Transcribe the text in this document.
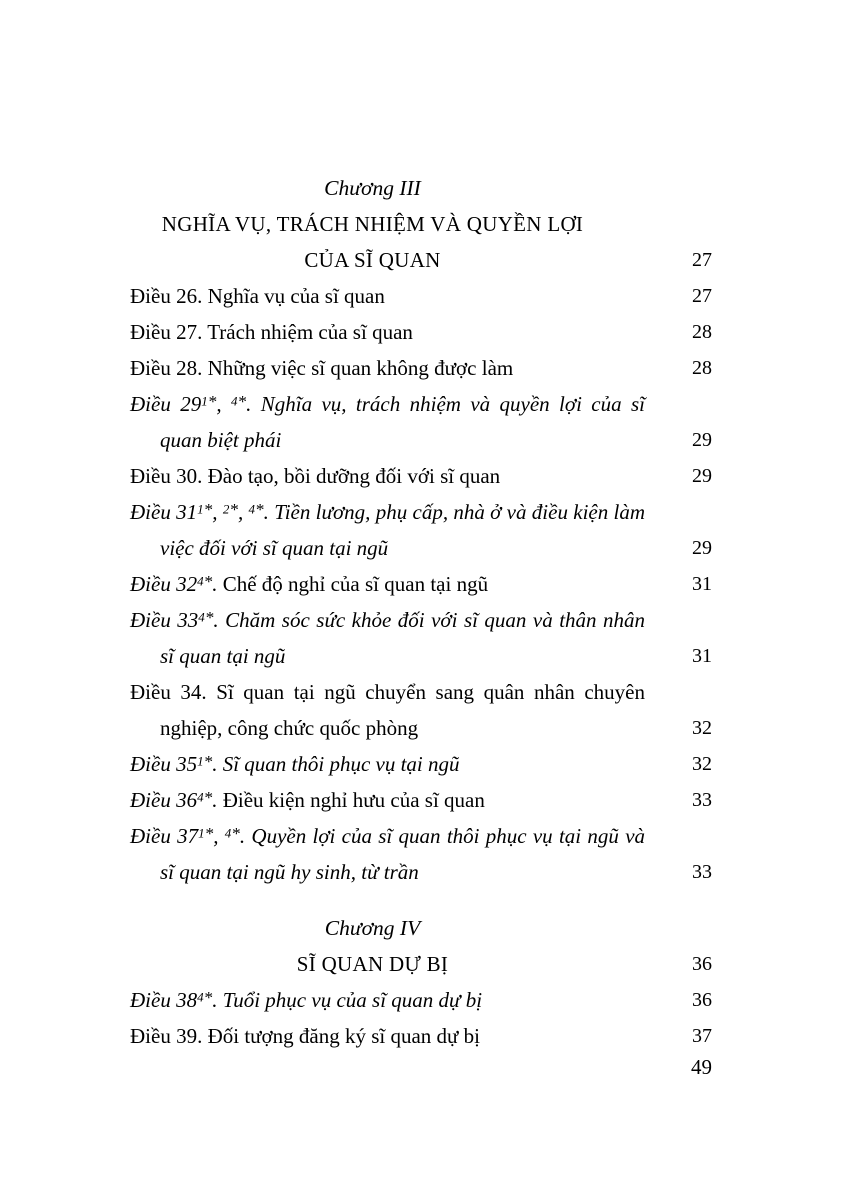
Chương III
NGHĨA VỤ, TRÁCH NHIỆM VÀ QUYỀN LỢI
CỦA SĨ QUAN	27
Điều 26. Nghĩa vụ của sĩ quan	27
Điều 27. Trách nhiệm của sĩ quan	28
Điều 28. Những việc sĩ quan không được làm	28
Điều $29^1*$, $^4$*. Nghĩa vụ, trách nhiệm và quyền lợi của sĩ quan biệt phái	29
Điều 30. Đào tạo, bồi dưỡng đối với sĩ quan	29
Điều $31^1*$, $^2$*, $^4$*. Tiền lương, phụ cấp, nhà ở và điều kiện làm việc đối với sĩ quan tại ngũ	29
Điều $32^4*$. Chế độ nghỉ của sĩ quan tại ngũ	31
Điều $33^4*$. Chăm sóc sức khỏe đối với sĩ quan và thân nhân sĩ quan tại ngũ	31
Điều 34. Sĩ quan tại ngũ chuyển sang quân nhân chuyên nghiệp, công chức quốc phòng	32
Điều $35^1*$. Sĩ quan thôi phục vụ tại ngũ	32
Điều $36^4*$. Điều kiện nghỉ hưu của sĩ quan	33
Điều $37^1*$, $^4$*. Quyền lợi của sĩ quan thôi phục vụ tại ngũ và sĩ quan tại ngũ hy sinh, từ trần	33
Chương IV
SĨ QUAN DỰ BỊ	36
Điều $38^4*$. Tuổi phục vụ của sĩ quan dự bị	36
Điều 39. Đối tượng đăng ký sĩ quan dự bị	37
49
